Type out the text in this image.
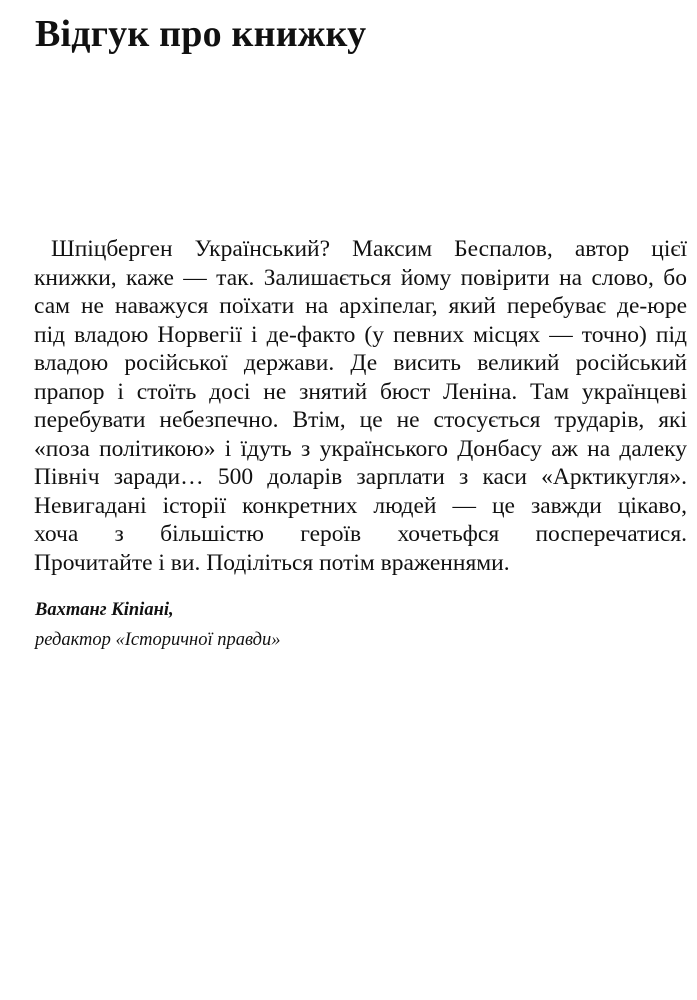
Відгук про книжку
Шпіцберген Український? Максим Беспалов, автор цієї
книжки, каже — так. Залишається йому повірити на слово, бо
сам не наважуся поїхати на архіпелаг, який перебуває де-юре
під владою Норвегії і де-факто (у певних місцях — точно) під
владою російської держави. Де висить великий російський
прапор і стоїть досі не знятий бюст Леніна. Там українцеві
перебувати небезпечно. Втім, це не стосується трударів, які
«поза політикою» і їдуть з українського Донбасу аж на далеку
Північ заради… 500 доларів зарплати з каси «Арктикугля».
Невигадані історії конкретних людей — це завжди цікаво,
хоча з більшістю героїв хочетьфся посперечатися.
Прочитайте і ви. Поділіться потім враженнями.
Вахтанг Кіпіані,
редактор «Історичної правди»
